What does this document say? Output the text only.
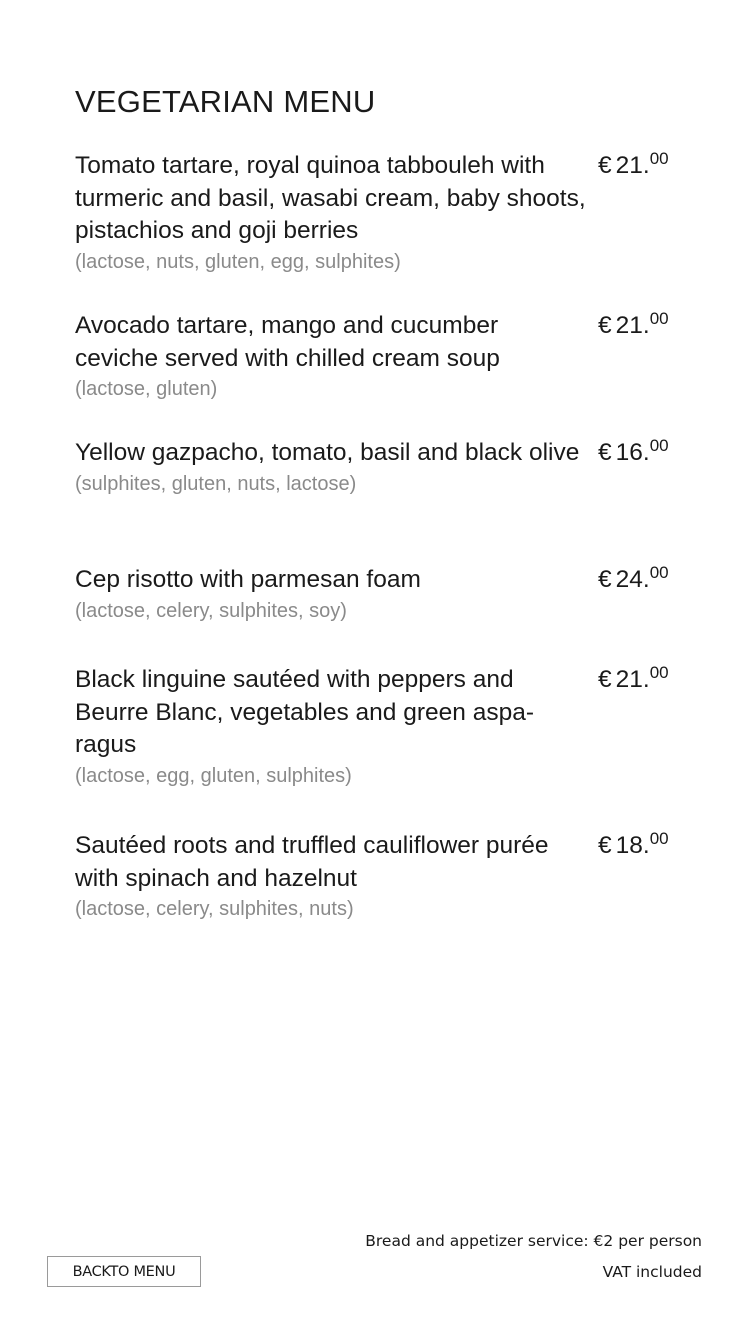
VEGETARIAN MENU
Tomato tartare, royal quinoa tabbouleh with turmeric and basil, wasabi cream, baby shoots, pistachios and goji berries
(lactose, nuts, gluten, egg, sulphites)
€ 21.00
Avocado tartare, mango and cucumber ceviche served with chilled cream soup
(lactose, gluten)
€ 21.00
Yellow gazpacho, tomato, basil and black olive
(sulphites, gluten, nuts, lactose)
€ 16.00
Cep risotto with parmesan foam
(lactose, celery, sulphites, soy)
€ 24.00
Black linguine sautéed with peppers and Beurre Blanc, vegetables and green aspa-ragus
(lactose, egg, gluten, sulphites)
€ 21.00
Sautéed roots and truffled cauliflower purée with spinach and hazelnut
(lactose, celery, sulphites, nuts)
€ 18.00
Bread and appetizer service: €2 per person
VAT included
BACKTO MENU
